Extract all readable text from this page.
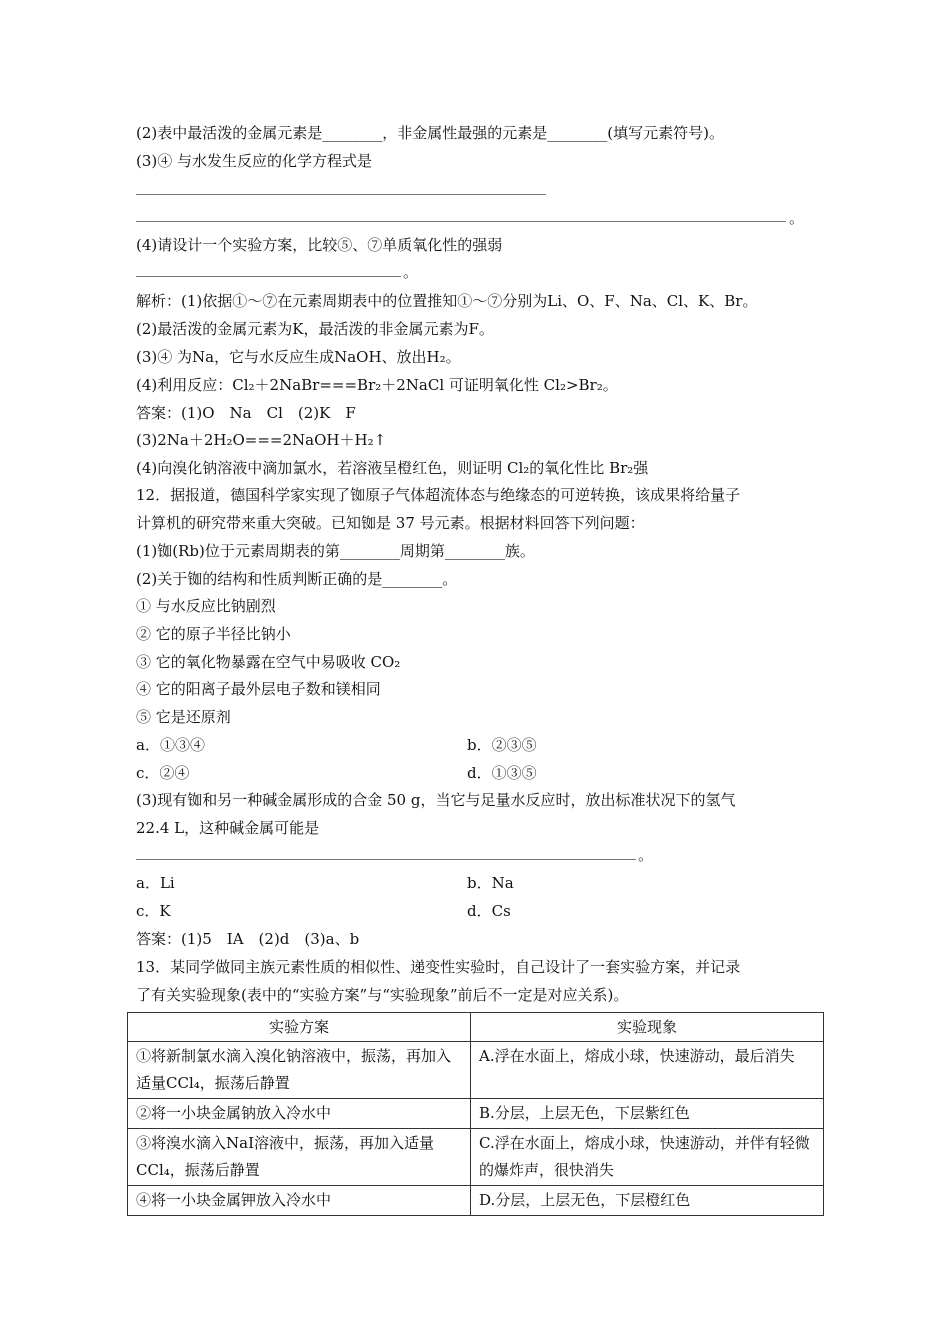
(2)表中最活泼的金属元素是________，非金属性最强的元素是________(填写元素符号)。
(3)④ 与水发生反应的化学方程式是
。
(4)请设计一个实验方案，比较⑤、⑦单质氧化性的强弱
。
解析：(1)依据①～⑦在元素周期表中的位置推知①～⑦分别为Li、O、F、Na、Cl、K、Br。
(2)最活泼的金属元素为K，最活泼的非金属元素为F。
(3)④ 为Na，它与水反应生成NaOH、放出H₂。
(4)利用反应：Cl₂＋2NaBr===Br₂＋2NaCl 可证明氧化性 Cl₂>Br₂。
答案：(1)O　Na　Cl　(2)K　F
(3)2Na＋2H₂O===2NaOH＋H₂↑
(4)向溴化钠溶液中滴加氯水，若溶液呈橙红色，则证明 Cl₂的氧化性比 Br₂强
12．据报道，德国科学家实现了铷原子气体超流体态与绝缘态的可逆转换，该成果将给量子
计算机的研究带来重大突破。已知铷是 37 号元素。根据材料回答下列问题：
(1)铷(Rb)位于元素周期表的第________周期第________族。
(2)关于铷的结构和性质判断正确的是________。
① 与水反应比钠剧烈
② 它的原子半径比钠小
③ 它的氧化物暴露在空气中易吸收 CO₂
④ 它的阳离子最外层电子数和镁相同
⑤ 它是还原剂
a．①③④	b．②③⑤
c．②④	d．①③⑤
(3)现有铷和另一种碱金属形成的合金 50 g，当它与足量水反应时，放出标准状况下的氢气
22.4 L，这种碱金属可能是
。
a．Li	b．Na
c．K	d．Cs
答案：(1)5　ⅠA　(2)d　(3)a、b
13．某同学做同主族元素性质的相似性、递变性实验时，自己设计了一套实验方案，并记录
了有关实验现象(表中的“实验方案”与“实验现象”前后不一定是对应关系)。
实验方案	实验现象
①将新制氯水滴入溴化钠溶液中，振荡，再加入适量CCl₄，振荡后静置	A.浮在水面上，熔成小球，快速游动，最后消失
②将一小块金属钠放入冷水中	B.分层，上层无色，下层紫红色
③将溴水滴入NaI溶液中，振荡，再加入适量CCl₄，振荡后静置	C.浮在水面上，熔成小球，快速游动，并伴有轻微的爆炸声，很快消失
④将一小块金属钾放入冷水中	D.分层，上层无色，下层橙红色
